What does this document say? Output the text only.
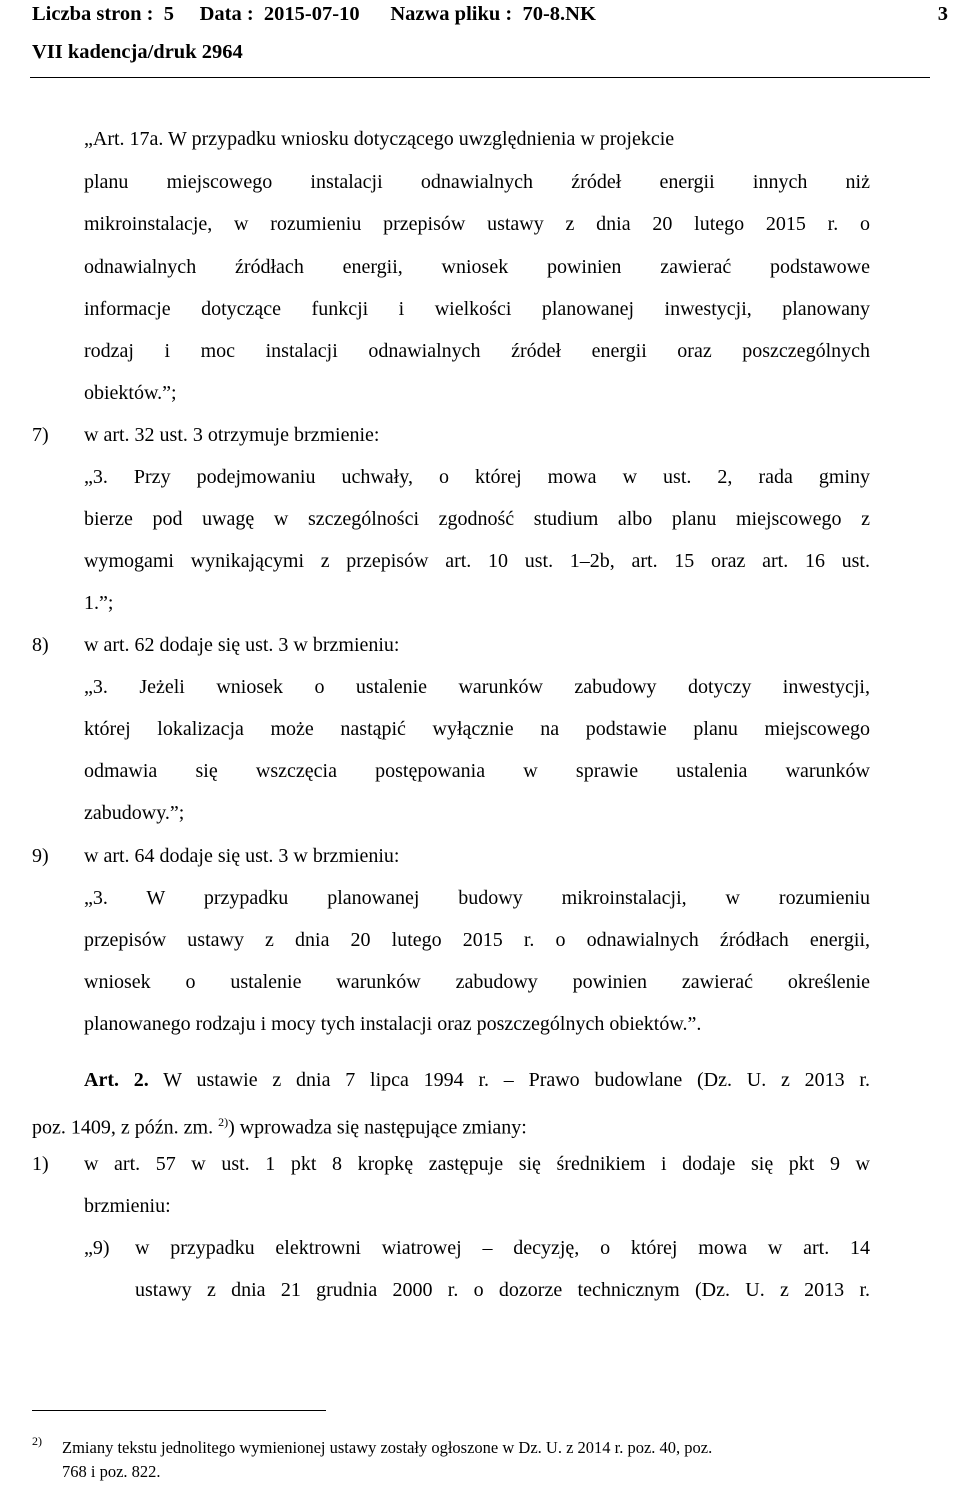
Liczba stron :  5     Data :  2015-07-10      Nazwa pliku :  70-8.NK	3
VII kadencja/druk 2964
„Art. 17a. W przypadku wniosku dotyczącego uwzględnienia w projekcie
planu miejscowego instalacji odnawialnych źródeł energii innych niż
mikroinstalacje, w rozumieniu przepisów ustawy z dnia 20 lutego 2015 r. o
odnawialnych źródłach energii, wniosek powinien zawierać podstawowe
informacje dotyczące funkcji i wielkości planowanej inwestycji, planowany
rodzaj i moc instalacji odnawialnych źródeł energii oraz poszczególnych
obiektów.”;
7) w art. 32 ust. 3 otrzymuje brzmienie:
„3. Przy podejmowaniu uchwały, o której mowa w ust. 2, rada gminy
bierze pod uwagę w szczególności zgodność studium albo planu miejscowego z
wymogami wynikającymi z przepisów art. 10 ust. 1–2b, art. 15 oraz art. 16 ust.
1.”;
8) w art. 62 dodaje się ust. 3 w brzmieniu:
„3. Jeżeli wniosek o ustalenie warunków zabudowy dotyczy inwestycji,
której lokalizacja może nastąpić wyłącznie na podstawie planu miejscowego
odmawia się wszczęcia postępowania w sprawie ustalenia warunków
zabudowy.”;
9) w art. 64 dodaje się ust. 3 w brzmieniu:
„3. W przypadku planowanej budowy mikroinstalacji, w rozumieniu
przepisów ustawy z dnia 20 lutego 2015 r. o odnawialnych źródłach energii,
wniosek o ustalenie warunków zabudowy powinien zawierać określenie
planowanego rodzaju i mocy tych instalacji oraz poszczególnych obiektów.”.
Art. 2. W ustawie z dnia 7 lipca 1994 r. – Prawo budowlane (Dz. U. z 2013 r.
poz. 1409, z późn. zm. $^{2)}$) wprowadza się następujące zmiany:
1) w art. 57 w ust. 1 pkt 8 kropkę zastępuje się średnikiem i dodaje się pkt 9 w
brzmieniu:
„9)	w przypadku elektrowni wiatrowej – decyzję, o której mowa w art. 14
ustawy z dnia 21 grudnia 2000 r. o dozorze technicznym (Dz. U. z 2013 r.
2) Zmiany tekstu jednolitego wymienionej ustawy zostały ogłoszone w Dz. U. z 2014 r. poz. 40, poz.
768 i poz. 822.
